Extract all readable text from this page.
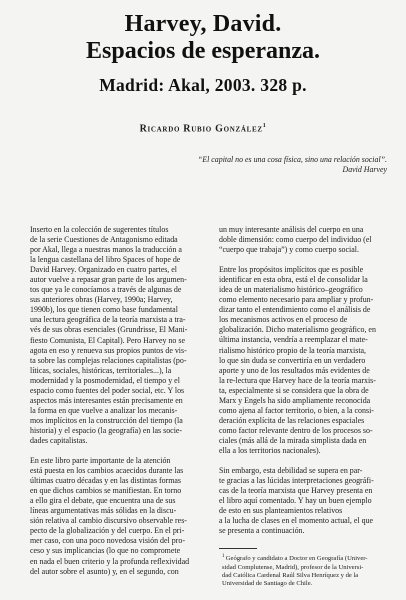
Harvey, David.
Espacios de esperanza.
Madrid: Akal, 2003. 328 p.
Ricardo Rubio González$^1$
“El capital no es una cosa física, sino una relación social”.
David Harvey
Inserto en la colección de sugerentes títulos
de la serie Cuestiones de Antagonismo editada
por Akal, llega a nuestras manos la traducción a
la lengua castellana del libro Spaces of hope de
David Harvey. Organizado en cuatro partes, el
autor vuelve a repasar gran parte de los argumen-
tos que ya le conocíamos a través de algunas de
sus anteriores obras (Harvey, 1990a; Harvey,
1990b), los que tienen como base fundamental
una lectura geográfica de la teoría marxista a tra-
vés de sus obras esenciales (Grundrisse, El Mani-
fiesto Comunista, El Capital). Pero Harvey no se
agota en eso y renueva sus propios puntos de vis-
ta sobre las complejas relaciones capitalistas (po-
líticas, sociales, históricas, territoriales...), la
modernidad y la posmodernidad, el tiempo y el
espacio como fuentes del poder social, etc. Y los
aspectos más interesantes están precisamente en
la forma en que vuelve a analizar los mecanis-
mos implícitos en la construcción del tiempo (la
historia) y el espacio (la geografía) en las socie-
dades capitalistas.
En este libro parte importante de la atención
está puesta en los cambios acaecidos durante las
últimas cuatro décadas y en las distintas formas
en que dichos cambios se manifiestan. En torno
a ello gira el debate, que encuentra una de sus
líneas argumentativas más sólidas en la discu-
sión relativa al cambio discursivo observable res-
pecto de la globalización y del cuerpo. En el pri-
mer caso, con una poco novedosa visión del pro-
ceso y sus implicancias (lo que no compromete
en nada el buen criterio y la profunda reflexividad
del autor sobre el asunto) y, en el segundo, con
un muy interesante análisis del cuerpo en una
doble dimensión: como cuerpo del individuo (el
“cuerpo que trabaja”) y como cuerpo social.
Entre los propósitos implícitos que es posible
identificar en esta obra, está el de consolidar la
idea de un materialismo histórico–geográfico
como elemento necesario para ampliar y profun-
dizar tanto el entendimiento como el análisis de
los mecanismos activos en el proceso de
globalización. Dicho materialismo geográfico, en
última instancia, vendría a reemplazar el mate-
rialismo histórico propio de la teoría marxista,
lo que sin duda se convertiría en un verdadero
aporte y uno de los resultados más evidentes de
la re-lectura que Harvey hace de la teoría marxis-
ta, especialmente si se considera que la obra de
Marx y Engels ha sido ampliamente reconocida
como ajena al factor territorio, o bien, a la consi-
deración explícita de las relaciones espaciales
como factor relevante dentro de los procesos so-
ciales (más allá de la mirada simplista dada en
ella a los territorios nacionales).
Sin embargo, esta debilidad se supera en par-
te gracias a las lúcidas interpretaciones geográfi-
cas de la teoría marxista que Harvey presenta en
el libro aquí comentado. Y hay un buen ejemplo
de esto en sus planteamientos relativos
a la lucha de clases en el momento actual, el que
se presenta a continuación.
$^1$ Geógrafo y candidato a Doctor en Geografía (Univer-
sidad Complutense, Madrid), profesor de la Universi-
dad Católica Cardenal Raúl Silva Henríquez y de la
Universidad de Santiago de Chile.
